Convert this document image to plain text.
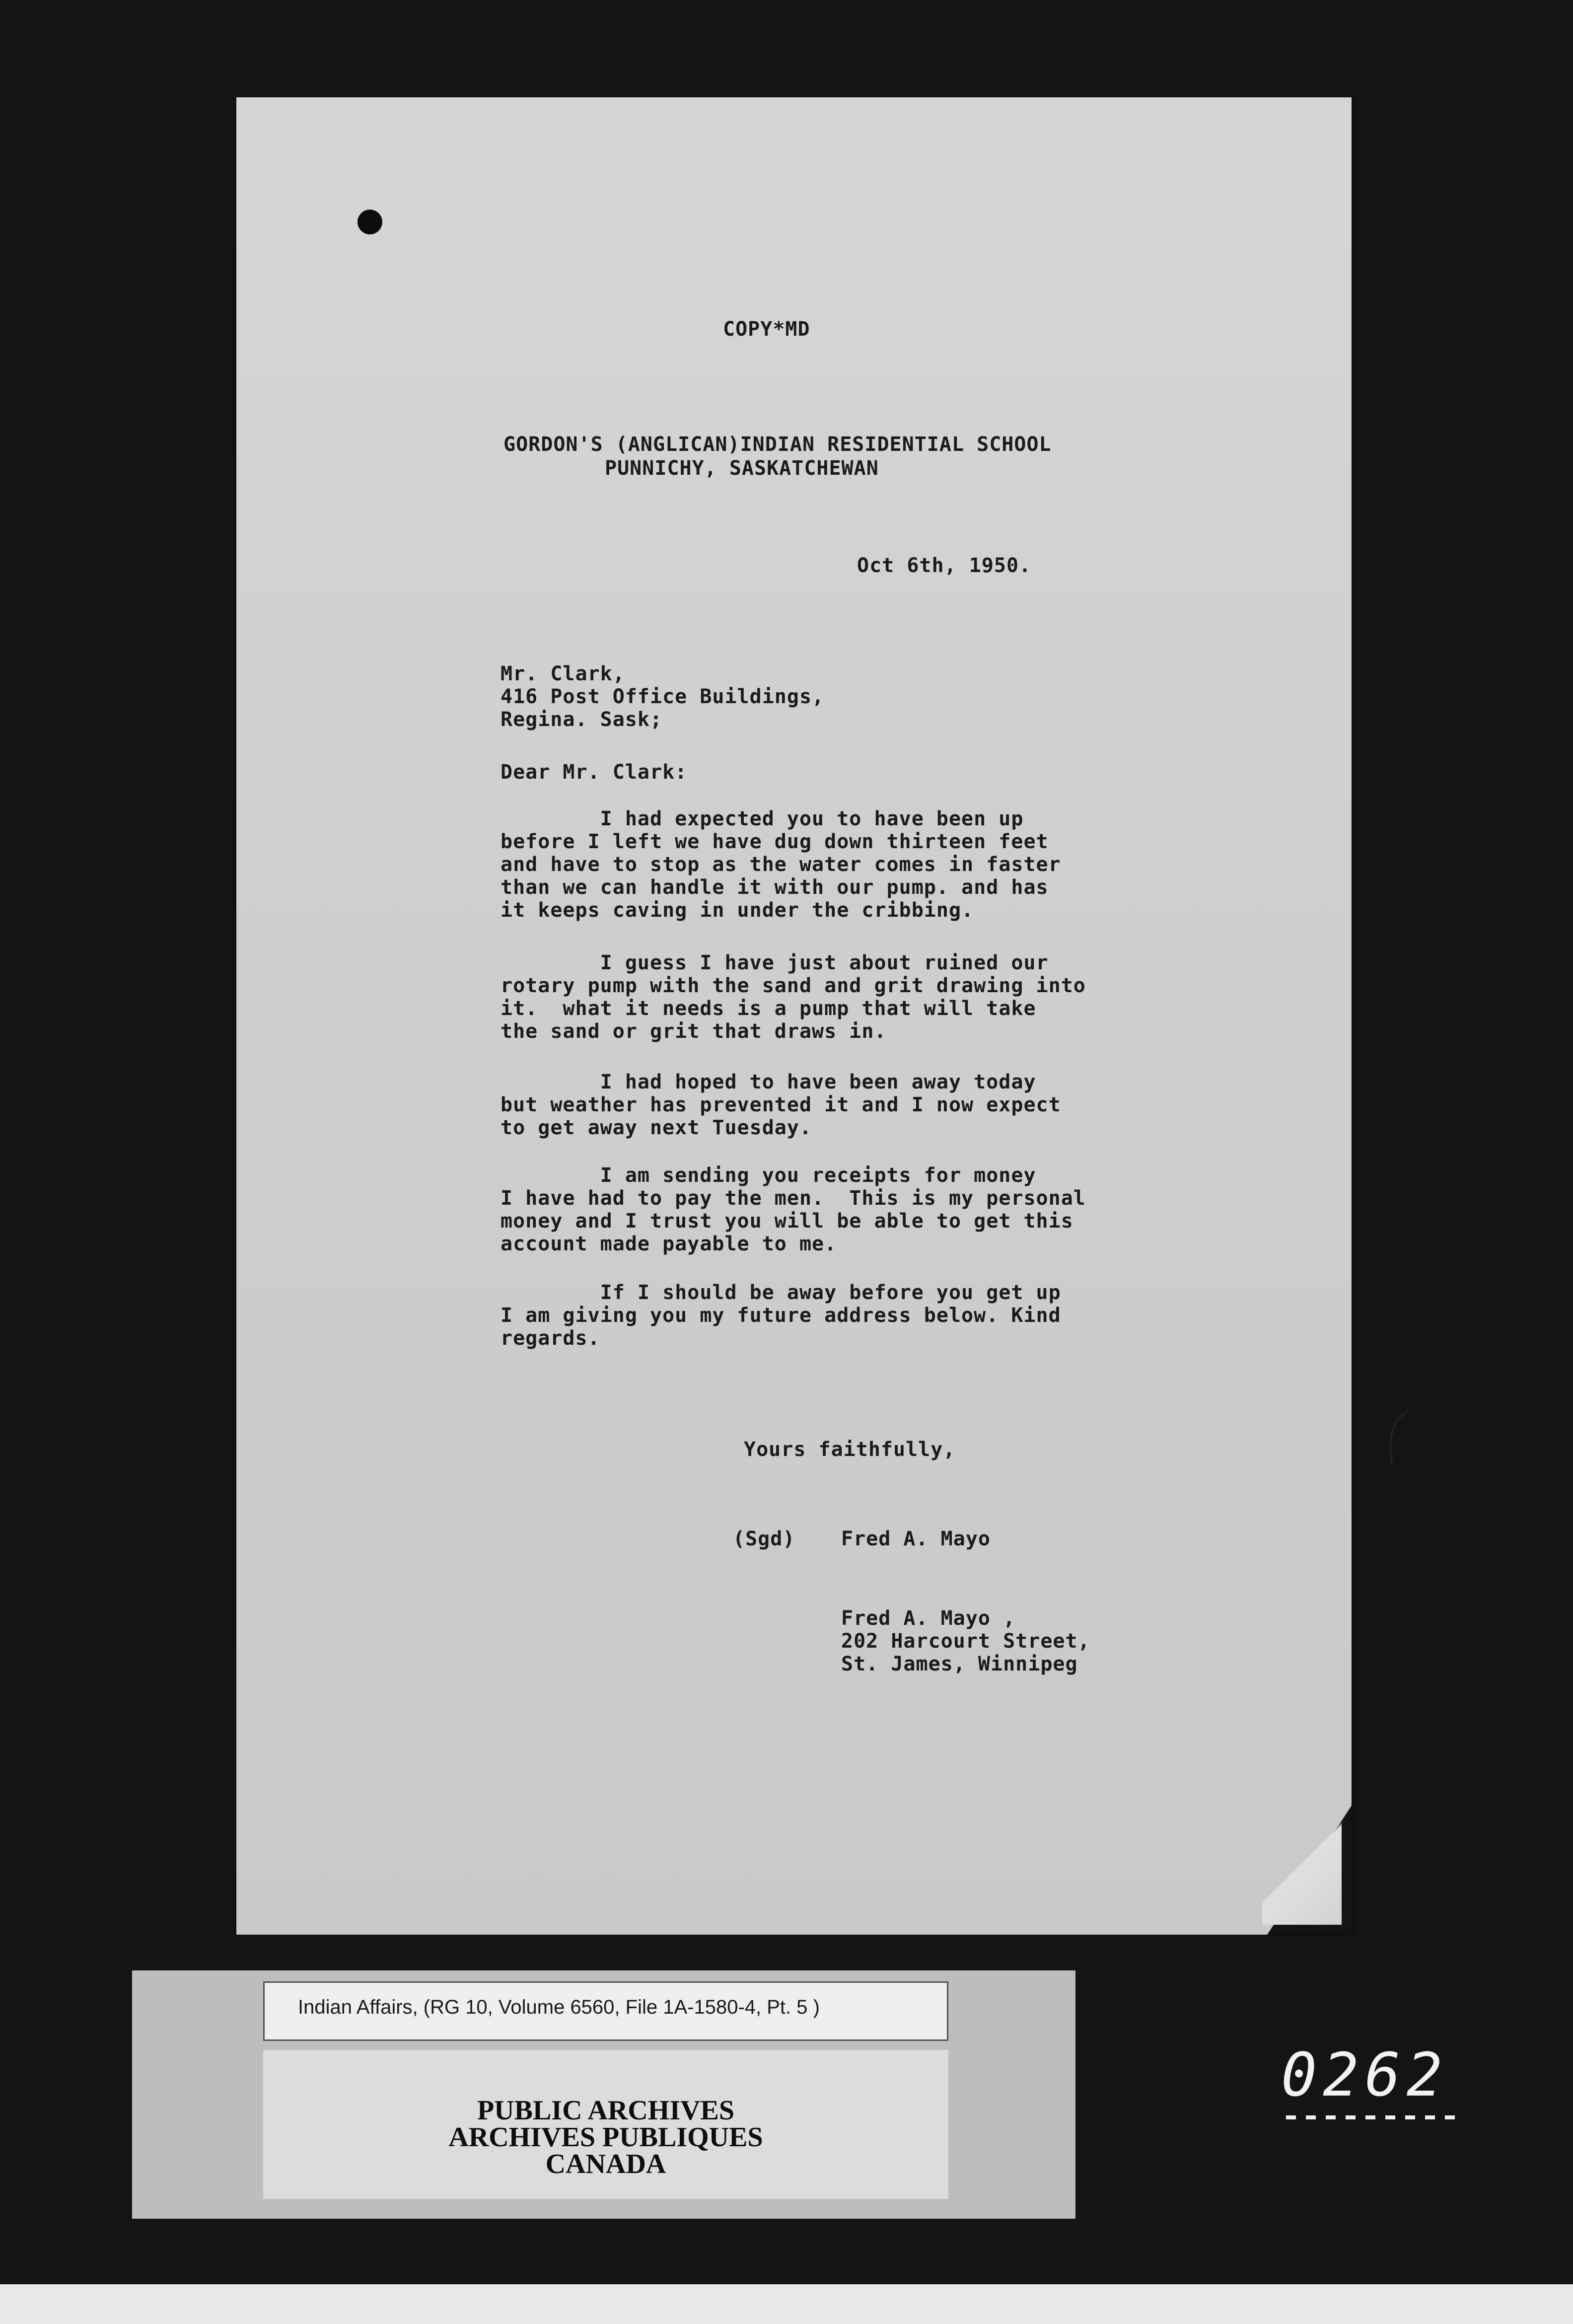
COPY*MD
GORDON'S (ANGLICAN)INDIAN RESIDENTIAL SCHOOL
PUNNICHY, SASKATCHEWAN
Oct 6th, 1950.
Mr. Clark,
416 Post Office Buildings,
Regina. Sask;
Dear Mr. Clark:
I had expected you to have been up
before I left we have dug down thirteen feet
and have to stop as the water comes in faster
than we can handle it with our pump. and has
it keeps caving in under the cribbing.
I guess I have just about ruined our
rotary pump with the sand and grit drawing into
it.  what it needs is a pump that will take
the sand or grit that draws in.
I had hoped to have been away today
but weather has prevented it and I now expect
to get away next Tuesday.
I am sending you receipts for money
I have had to pay the men.  This is my personal
money and I trust you will be able to get this
account made payable to me.
If I should be away before you get up
I am giving you my future address below. Kind
regards.
Yours faithfully,
(Sgd) Fred A. Mayo
Fred A. Mayo ,
202 Harcourt Street,
St. James, Winnipeg
Indian Affairs, (RG 10, Volume 6560, File 1A-1580-4, Pt. 5 )
PUBLIC ARCHIVES
ARCHIVES PUBLIQUES
CANADA
0262
